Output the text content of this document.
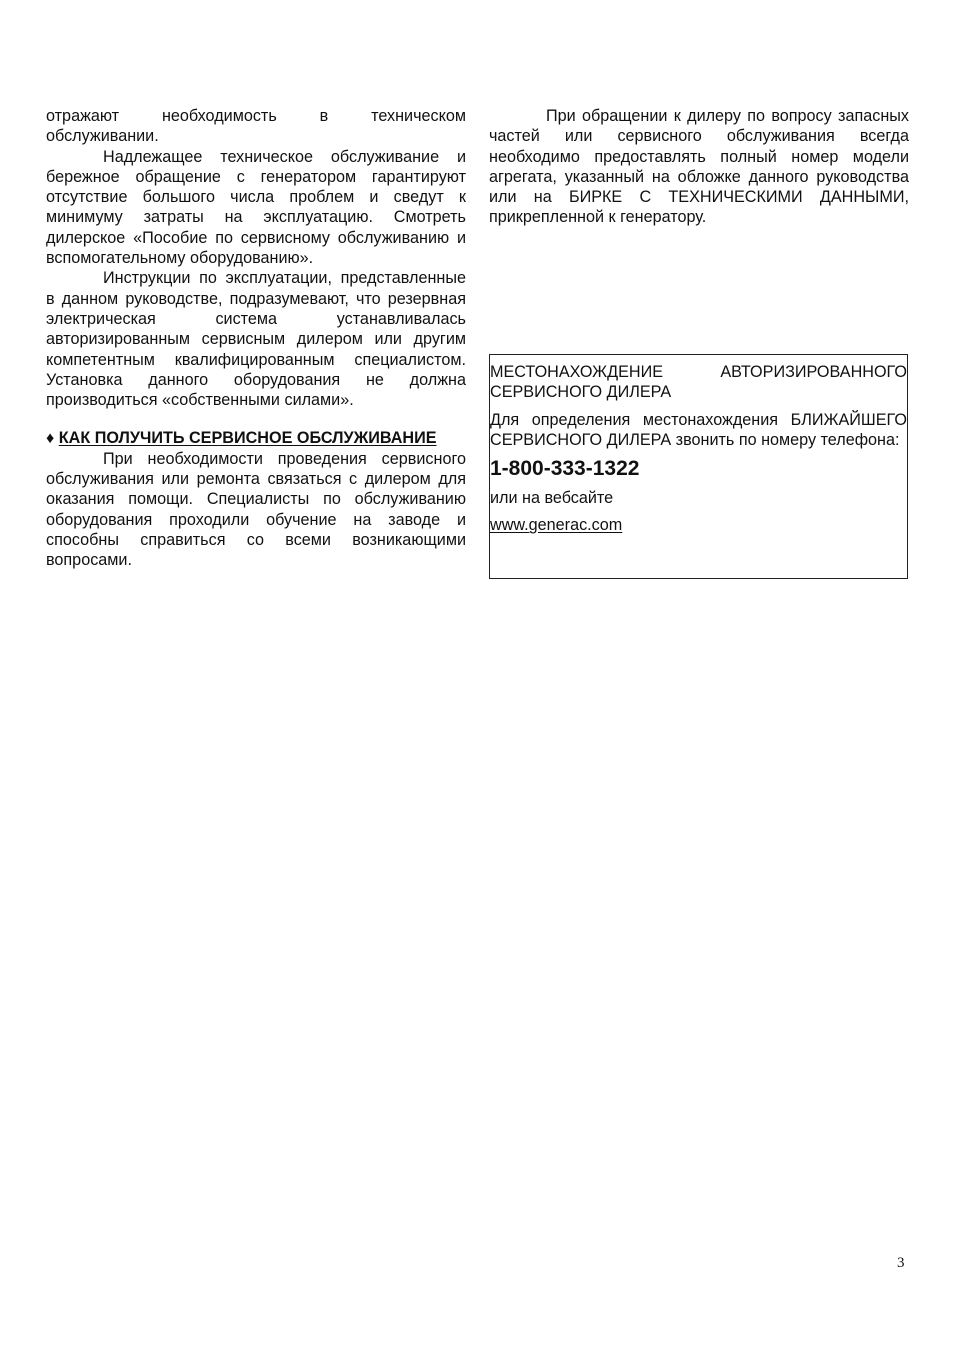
отражают необходимость в техническом обслуживании.

Надлежащее техническое обслуживание и бережное обращение с генератором гарантируют отсутствие большого числа проблем и сведут к минимуму затраты на эксплуатацию. Смотреть дилерское «Пособие по сервисному обслуживанию и вспомогательному оборудованию».

Инструкции по эксплуатации, представленные в данном руководстве, подразумевают, что резервная электрическая система устанавливалась авторизированным сервисным дилером или другим компетентным квалифицированным специалистом. Установка данного оборудования не должна производиться «собственными силами».

♦ КАК ПОЛУЧИТЬ СЕРВИСНОЕ ОБСЛУЖИВАНИЕ

При необходимости проведения сервисного обслуживания или ремонта связаться с дилером для оказания помощи. Специалисты по обслуживанию оборудования проходили обучение на заводе и способны справиться со всеми возникающими вопросами.

При обращении к дилеру по вопросу запасных частей или сервисного обслуживания всегда необходимо предоставлять полный номер модели агрегата, указанный на обложке данного руководства или на БИРКЕ С ТЕХНИЧЕСКИМИ ДАННЫМИ, прикрепленной к генератору.

МЕСТОНАХОЖДЕНИЕ АВТОРИЗИРОВАННОГО СЕРВИСНОГО ДИЛЕРА

Для определения местонахождения БЛИЖАЙШЕГО СЕРВИСНОГО ДИЛЕРА звонить по номеру телефона:

1-800-333-1322

или на вебсайте

www.generac.com

3
